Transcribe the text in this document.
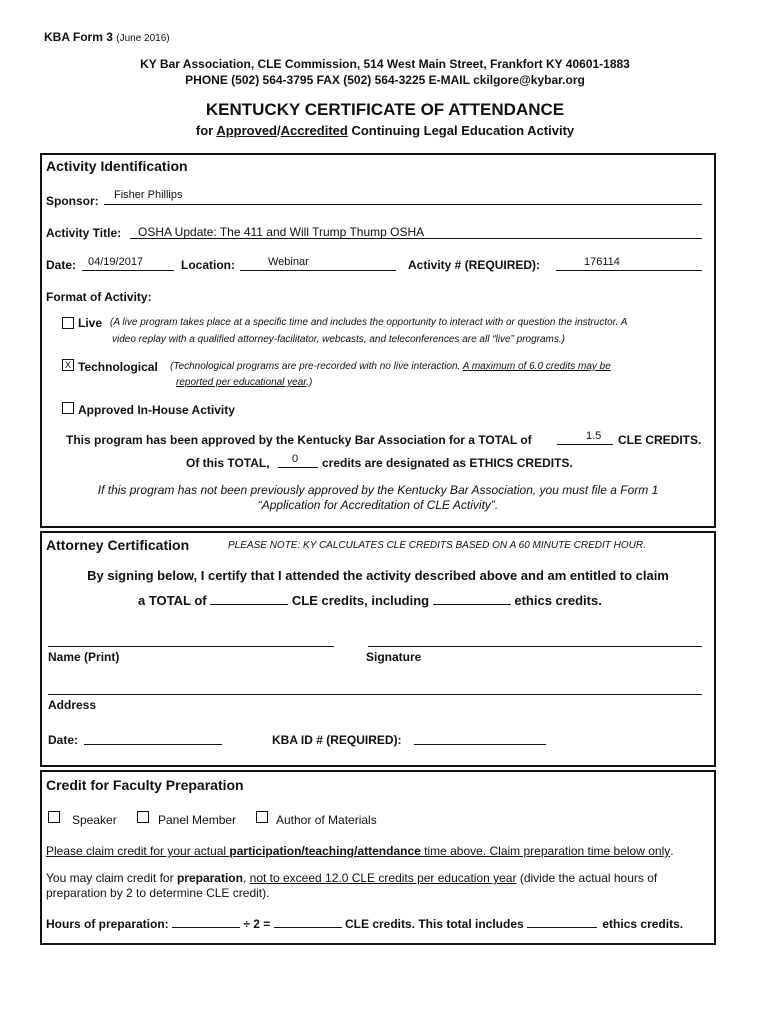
KBA Form 3 (June 2016)
KY Bar Association, CLE Commission, 514 West Main Street, Frankfort KY 40601-1883
PHONE (502) 564-3795 FAX (502) 564-3225 E-MAIL ckilgore@kybar.org
KENTUCKY CERTIFICATE OF ATTENDANCE
for Approved/Accredited Continuing Legal Education Activity
Activity Identification
Sponsor: Fisher Phillips
Activity Title: OSHA Update: The 411 and Will Trump Thump OSHA
Date: 04/19/2017	Location:	Webinar	Activity # (REQUIRED):	176114
Format of Activity:
Live (A live program takes place at a specific time and includes the opportunity to interact with or question the instructor. A
video replay with a qualified attorney-facilitator, webcasts, and teleconferences are all “live” programs.)
X Technological (Technological programs are pre-recorded with no live interaction. A maximum of 6.0 credits may be
reported per educational year.)
Approved In-House Activity
This program has been approved by the Kentucky Bar Association for a TOTAL of	1.5 CLE CREDITS.
Of this TOTAL, 0 credits are designated as ETHICS CREDITS.
If this program has not been previously approved by the Kentucky Bar Association, you must file a Form 1
“Application for Accreditation of CLE Activity”.
Attorney Certification	PLEASE NOTE: KY CALCULATES CLE CREDITS BASED ON A 60 MINUTE CREDIT HOUR.
By signing below, I certify that I attended the activity described above and am entitled to claim
a TOTAL of	CLE credits, including	ethics credits.
Name (Print)	Signature
Address
Date:	KBA ID # (REQUIRED):
Credit for Faculty Preparation
Speaker	Panel Member	Author of Materials
Please claim credit for your actual participation/teaching/attendance time above. Claim preparation time below only.
You may claim credit for preparation, not to exceed 12.0 CLE credits per education year (divide the actual hours of
preparation by 2 to determine CLE credit).
Hours of preparation:	÷ 2 =	CLE credits. This total includes	ethics credits.
